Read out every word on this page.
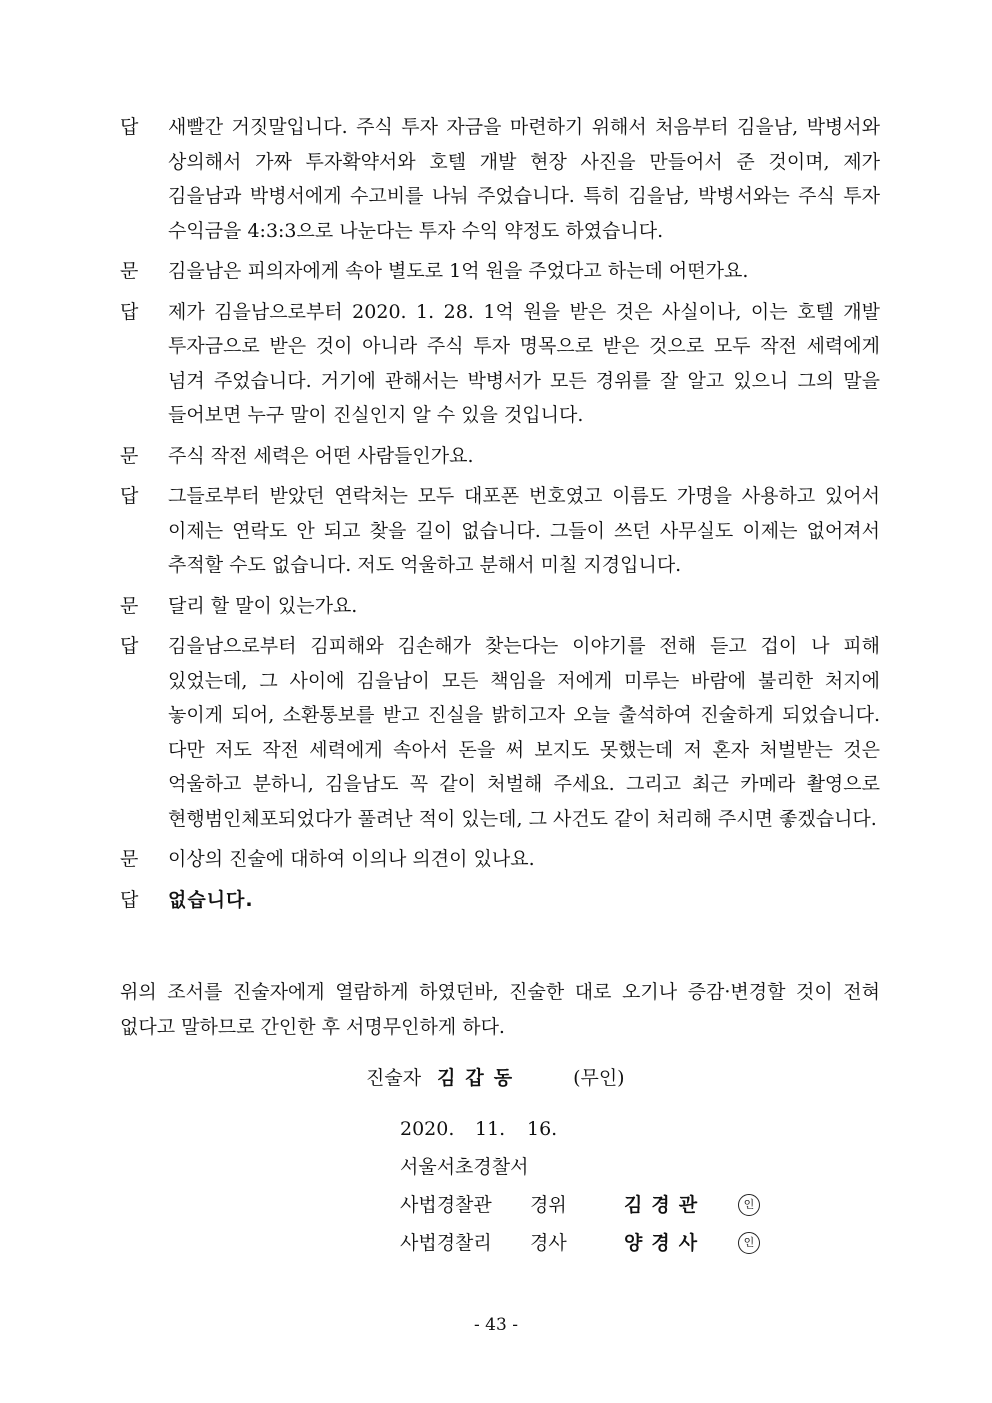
답	새빨간 거짓말입니다. 주식 투자 자금을 마련하기 위해서 처음부터 김을남, 박병서와 상의해서 가짜 투자확약서와 호텔 개발 현장 사진을 만들어서 준 것이며, 제가 김을남과 박병서에게 수고비를 나눠 주었습니다. 특히 김을남, 박병서와는 주식 투자 수익금을 4:3:3으로 나눈다는 투자 수익 약정도 하였습니다.
문	김을남은 피의자에게 속아 별도로 1억 원을 주었다고 하는데 어떤가요.
답	제가 김을남으로부터 2020. 1. 28. 1억 원을 받은 것은 사실이나, 이는 호텔 개발 투자금으로 받은 것이 아니라 주식 투자 명목으로 받은 것으로 모두 작전 세력에게 넘겨 주었습니다. 거기에 관해서는 박병서가 모든 경위를 잘 알고 있으니 그의 말을 들어보면 누구 말이 진실인지 알 수 있을 것입니다.
문	주식 작전 세력은 어떤 사람들인가요.
답	그들로부터 받았던 연락처는 모두 대포폰 번호였고 이름도 가명을 사용하고 있어서 이제는 연락도 안 되고 찾을 길이 없습니다. 그들이 쓰던 사무실도 이제는 없어져서 추적할 수도 없습니다. 저도 억울하고 분해서 미칠 지경입니다.
문	달리 할 말이 있는가요.
답	김을남으로부터 김피해와 김손해가 찾는다는 이야기를 전해 듣고 겁이 나 피해 있었는데, 그 사이에 김을남이 모든 책임을 저에게 미루는 바람에 불리한 처지에 놓이게 되어, 소환통보를 받고 진실을 밝히고자 오늘 출석하여 진술하게 되었습니다. 다만 저도 작전 세력에게 속아서 돈을 써 보지도 못했는데 저 혼자 처벌받는 것은 억울하고 분하니, 김을남도 꼭 같이 처벌해 주세요. 그리고 최근 카메라 촬영으로 현행범인체포되었다가 풀려난 적이 있는데, 그 사건도 같이 처리해 주시면 좋겠습니다.
문	이상의 진술에 대하여 이의나 의견이 있나요.
답	없습니다.
위의 조서를 진술자에게 열람하게 하였던바, 진술한 대로 오기나 증감·변경할 것이 전혀 없다고 말하므로 간인한 후 서명무인하게 하다.
진술자 김갑동	(무인)
2020.	11.	16.
서울서초경찰서
사법경찰관	경위	김경관	인
사법경찰리	경사	양경사	인
- 43 -
